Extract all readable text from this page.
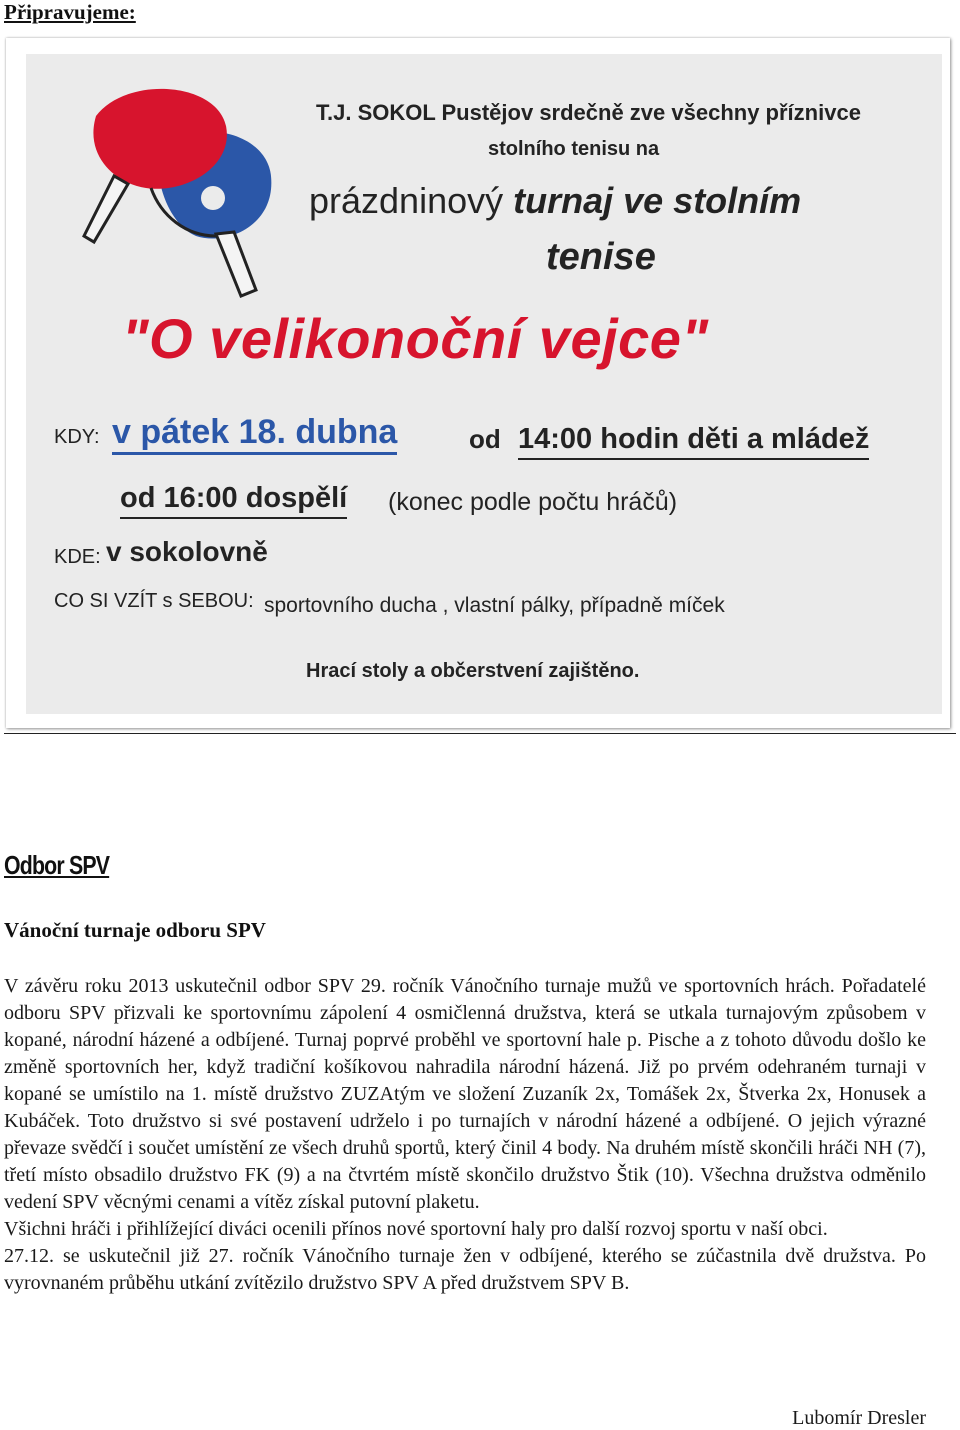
Připravujeme:
T.J. SOKOL Pustějov srdečně zve všechny příznivce
stolního tenisu na
prázdninový turnaj ve stolním
tenise
"O velikonoční vejce"
KDY: v pátek 18. dubna	od 14:00 hodin děti a mládež
od 16:00 dospělí (konec podle počtu hráčů)
KDE: v sokolovně
CO SI VZÍT s SEBOU: sportovního ducha , vlastní pálky, případně míček
Hrací stoly a občerstvení zajištěno.
Odbor SPV
Vánoční turnaje odboru SPV

V závěru roku 2013 uskutečnil odbor SPV 29. ročník Vánočního turnaje mužů ve sportovních hrách. Pořadatelé odboru SPV přizvali ke sportovnímu zápolení 4 osmičlenná družstva, která se utkala turnajovým způsobem v kopané, národní házené a odbíjené. Turnaj poprvé proběhl ve sportovní hale p. Pische a z tohoto důvodu došlo ke změně sportovních her, když tradiční košíkovou nahradila národní házená. Již po prvém odehraném turnaji v kopané se umístilo na 1. místě družstvo ZUZAtým ve složení Zuzaník 2x, Tomášek 2x, Štverka 2x, Honusek a Kubáček. Toto družstvo si své postavení udrželo i po turnajích v národní házené a odbíjené. O jejich výrazné převaze svědčí i součet umístění ze všech druhů sportů, který činil 4 body. Na druhém místě skončili hráči NH (7), třetí místo obsadilo družstvo FK (9) a na čtvrtém místě skončilo družstvo Štik (10). Všechna družstva odměnilo vedení SPV věcnými cenami a vítěz získal putovní plaketu.

Všichni hráči i přihlížející diváci ocenili přínos nové sportovní haly pro další rozvoj sportu v naší obci.

27.12. se uskutečnil již 27. ročník Vánočního turnaje žen v odbíjené, kterého se zúčastnila dvě družstva. Po vyrovnaném průběhu utkání zvítězilo družstvo SPV A před družstvem SPV B.

Lubomír Dresler
